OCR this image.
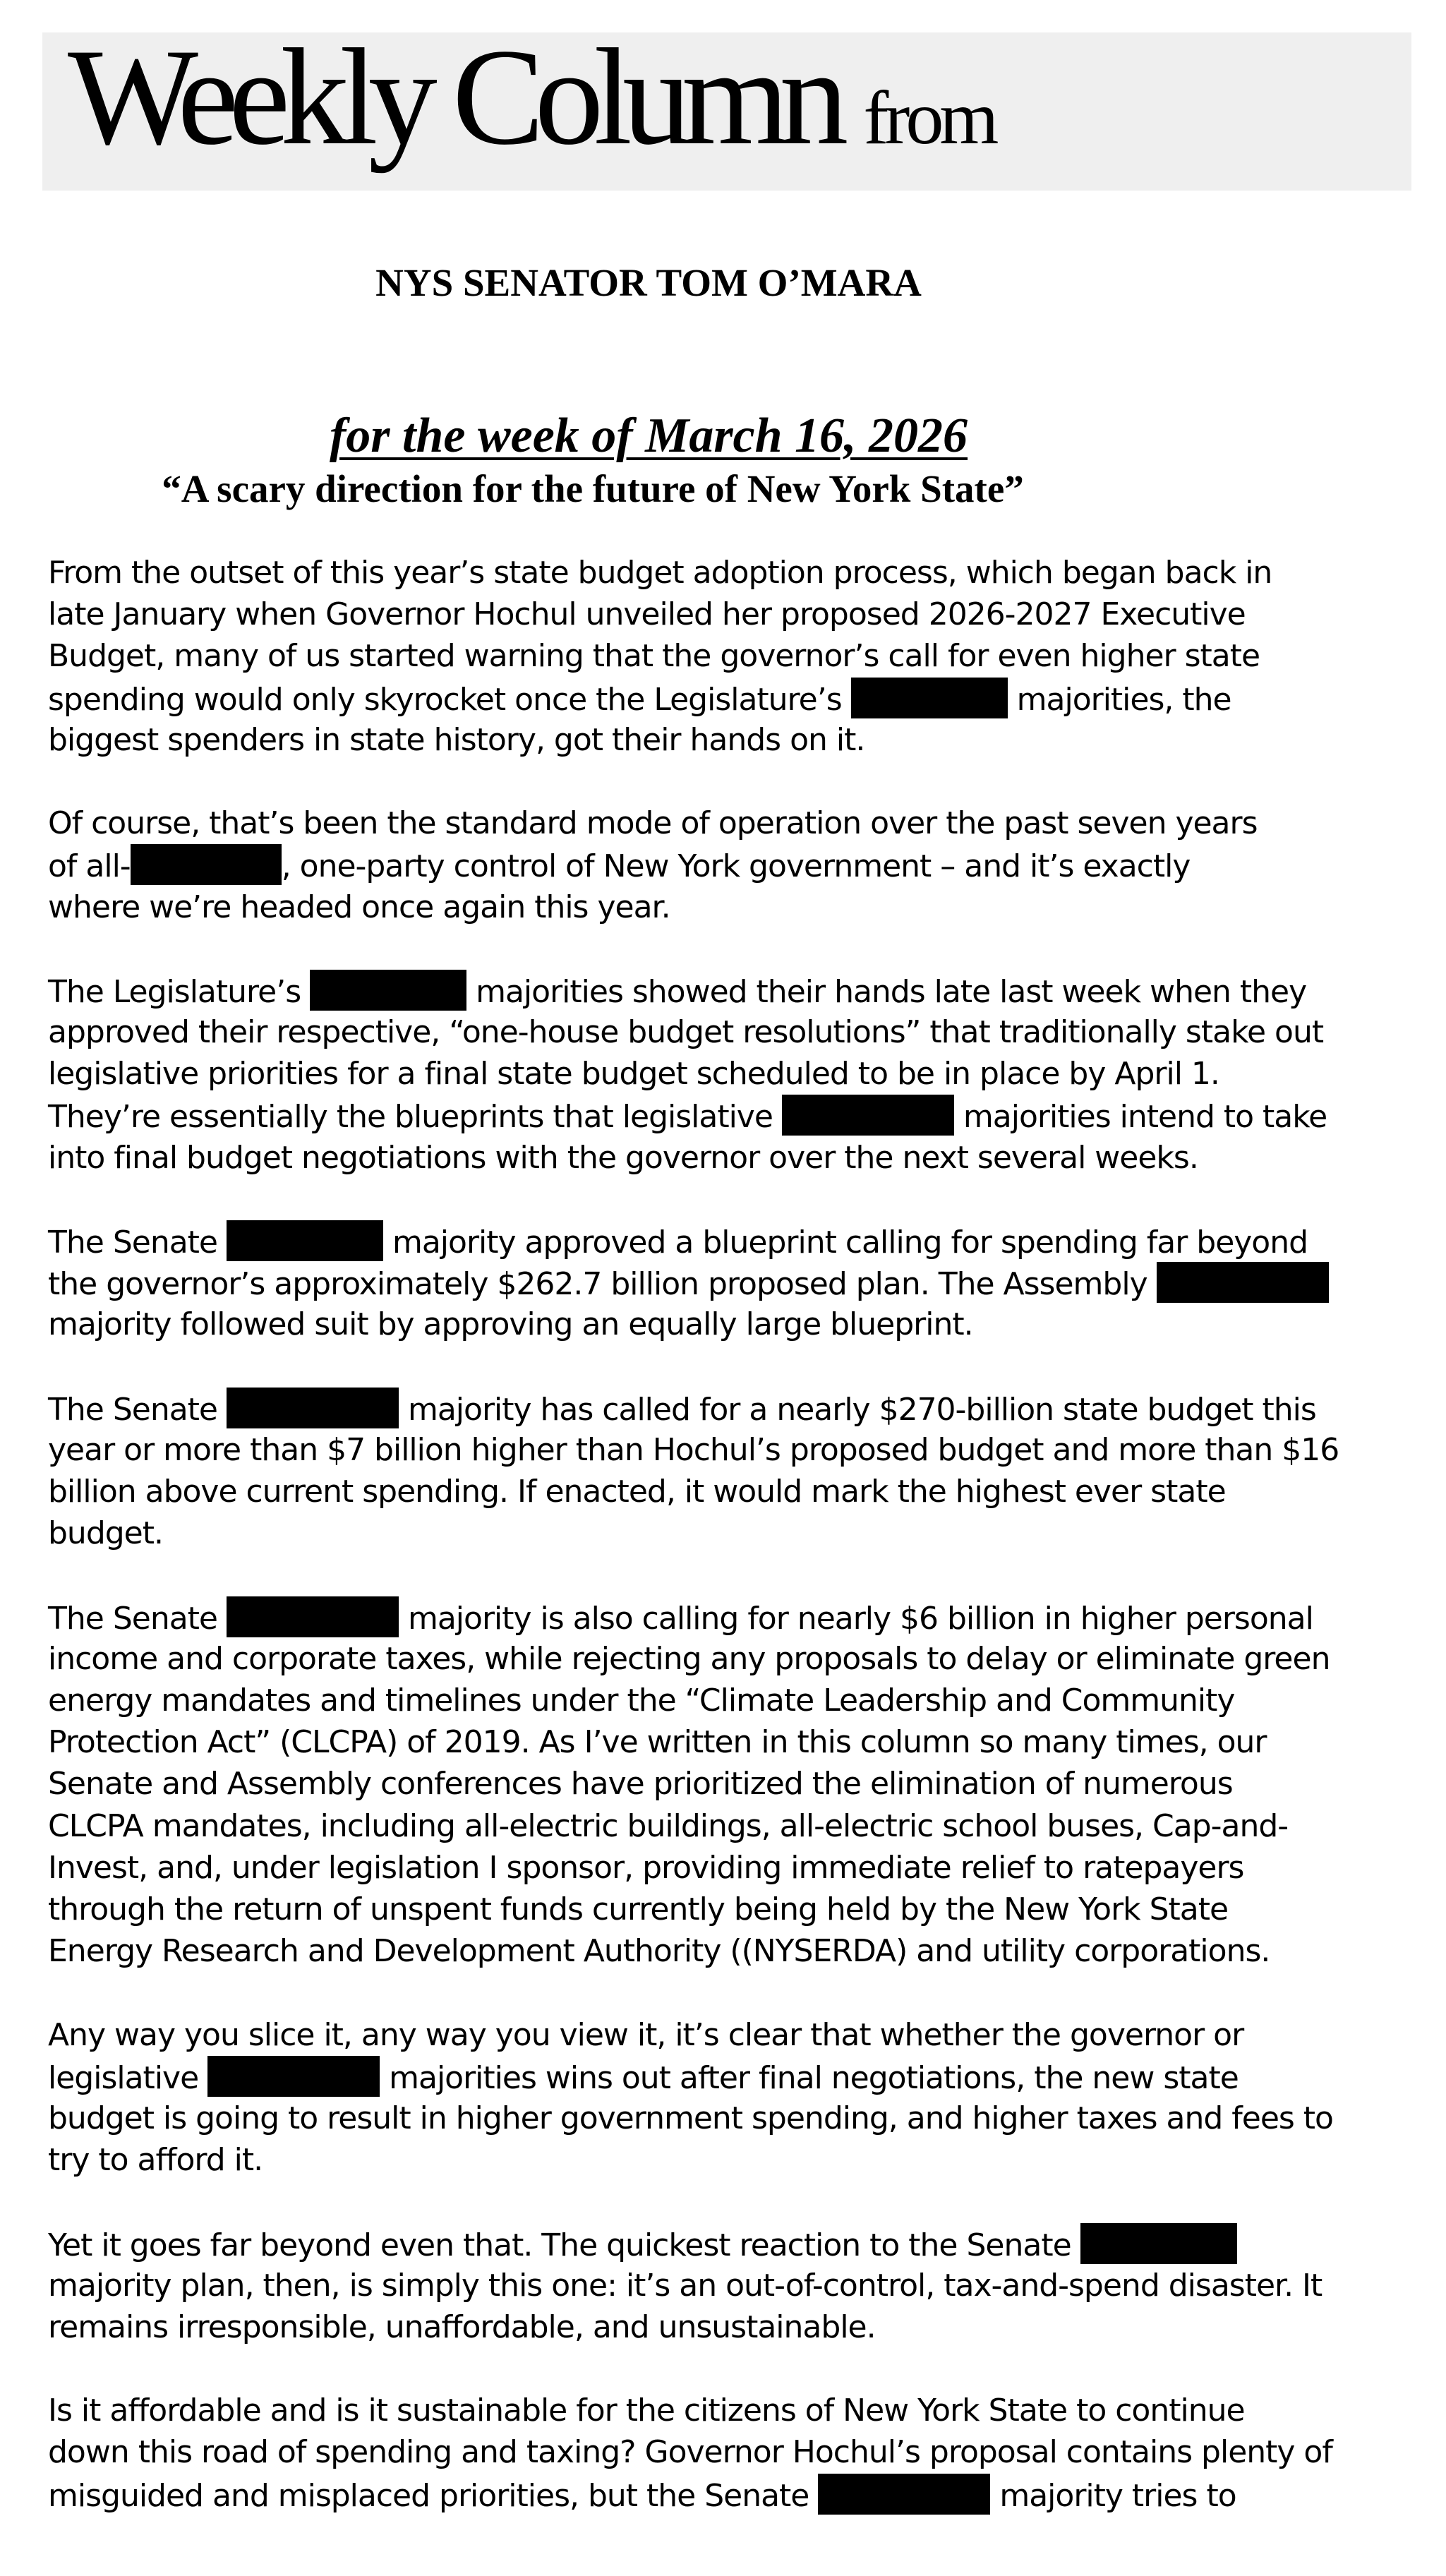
Weekly Column from
NYS SENATOR TOM O’MARA
for the week of March 16, 2026
“A scary direction for the future of New York State”
From the outset of this year’s state budget adoption process, which began back in
late January when Governor Hochul unveiled her proposed 2026-2027 Executive
Budget, many of us started warning that the governor’s call for even higher state
spending would only skyrocket once the Legislature’s	majorities, the
biggest spenders in state history, got their hands on it.
Of course, that’s been the standard mode of operation over the past seven years
of all-	, one-party control of New York government – and it’s exactly
where we’re headed once again this year.
The Legislature’s	majorities showed their hands late last week when they
approved their respective, “one-house budget resolutions” that traditionally stake out
legislative priorities for a final state budget scheduled to be in place by April 1.
They’re essentially the blueprints that legislative	majorities intend to take
into final budget negotiations with the governor over the next several weeks.
The Senate	majority approved a blueprint calling for spending far beyond
the governor’s approximately $262.7 billion proposed plan. The Assembly
majority followed suit by approving an equally large blueprint.
The Senate	majority has called for a nearly $270-billion state budget this
year or more than $7 billion higher than Hochul’s proposed budget and more than $16
billion above current spending. If enacted, it would mark the highest ever state
budget.
The Senate	majority is also calling for nearly $6 billion in higher personal
income and corporate taxes, while rejecting any proposals to delay or eliminate green
energy mandates and timelines under the “Climate Leadership and Community
Protection Act” (CLCPA) of 2019. As I’ve written in this column so many times, our
Senate and Assembly conferences have prioritized the elimination of numerous
CLCPA mandates, including all-electric buildings, all-electric school buses, Cap-and-
Invest, and, under legislation I sponsor, providing immediate relief to ratepayers
through the return of unspent funds currently being held by the New York State
Energy Research and Development Authority ((NYSERDA) and utility corporations.
Any way you slice it, any way you view it, it’s clear that whether the governor or
legislative	majorities wins out after final negotiations, the new state
budget is going to result in higher government spending, and higher taxes and fees to
try to afford it.
Yet it goes far beyond even that. The quickest reaction to the Senate
majority plan, then, is simply this one: it’s an out-of-control, tax-and-spend disaster. It
remains irresponsible, unaffordable, and unsustainable.
Is it affordable and is it sustainable for the citizens of New York State to continue
down this road of spending and taxing? Governor Hochul’s proposal contains plenty of
misguided and misplaced priorities, but the Senate	majority tries to
